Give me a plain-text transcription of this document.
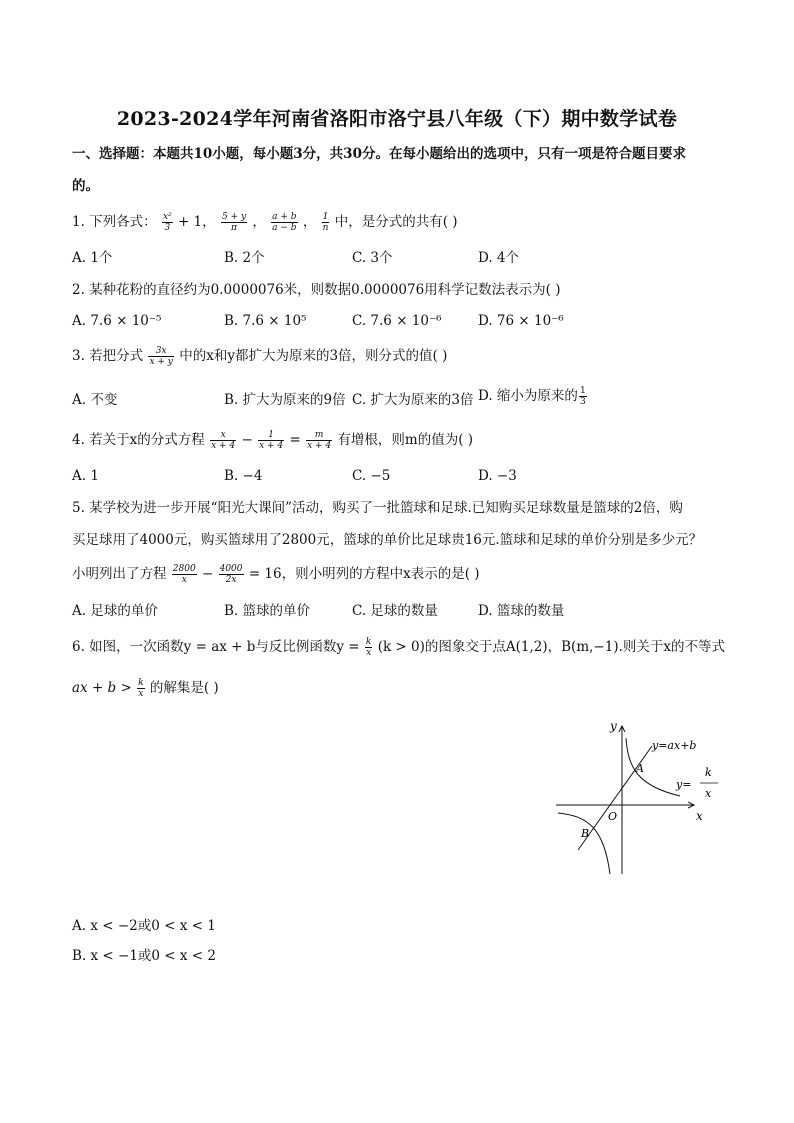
2023-2024学年河南省洛阳市洛宁县八年级（下）期中数学试卷
一、选择题：本题共10小题，每小题3分，共30分。在每小题给出的选项中，只有一项是符合题目要求
的。
1. 下列各式： $\frac{\text{x²}}{3} + 1$， $\frac{5 + y}{\pi}$ ， $\frac{a + b}{a - b}$ ， $\frac{1}{n}$ 中，是分式的共有( )
A. 1个	B. 2个	C. 3个	D. 4个
2. 某种花粉的直径约为0.0000076米，则数据0.0000076用科学记数法表示为( )
A. 7.6 × 10⁻⁵	B. 7.6 × 10⁵	C. 7.6 × 10⁻⁶	D. 76 × 10⁻⁶
3. 若把分式 $\frac{3x}{x + y}$ 中的x和y都扩大为原来的3倍，则分式的值( )
A. 不变	B. 扩大为原来的9倍 C. 扩大为原来的3倍 D. 缩小为原来的 $\frac{1}{3}$
4. 若关于x的分式方程 $\frac{x}{x + 4} - \frac{1}{x + 4} = \frac{m}{x + 4}$ 有增根，则m的值为( )
A. 1	B. −4	C. −5	D. −3
5. 某学校为进一步开展“阳光大课间”活动，购买了一批篮球和足球.已知购买足球数量是篮球的2倍，购
买足球用了4000元，购买篮球用了2800元，篮球的单价比足球贵16元.篮球和足球的单价分别是多少元？
小明列出了方程 $\frac{2800}{x} - \frac{4000}{2x} = 16$，则小明列的方程中x表示的是( )
A. 足球的单价	B. 篮球的单价	C. 足球的数量	D. 篮球的数量
6. 如图，一次函数y = ax + b与反比例函数$y = \frac{k}{x} (k > 0)$的图象交于点A(1,2)，B(m,−1).则关于x的不等式
ax + $b > \frac{k}{x}$ 的解集是( )
y
x
O
A
B
y=ax+b
y=
k
x
A. x < −2或0 < x < 1
B. x < −1或0 < x < 2
